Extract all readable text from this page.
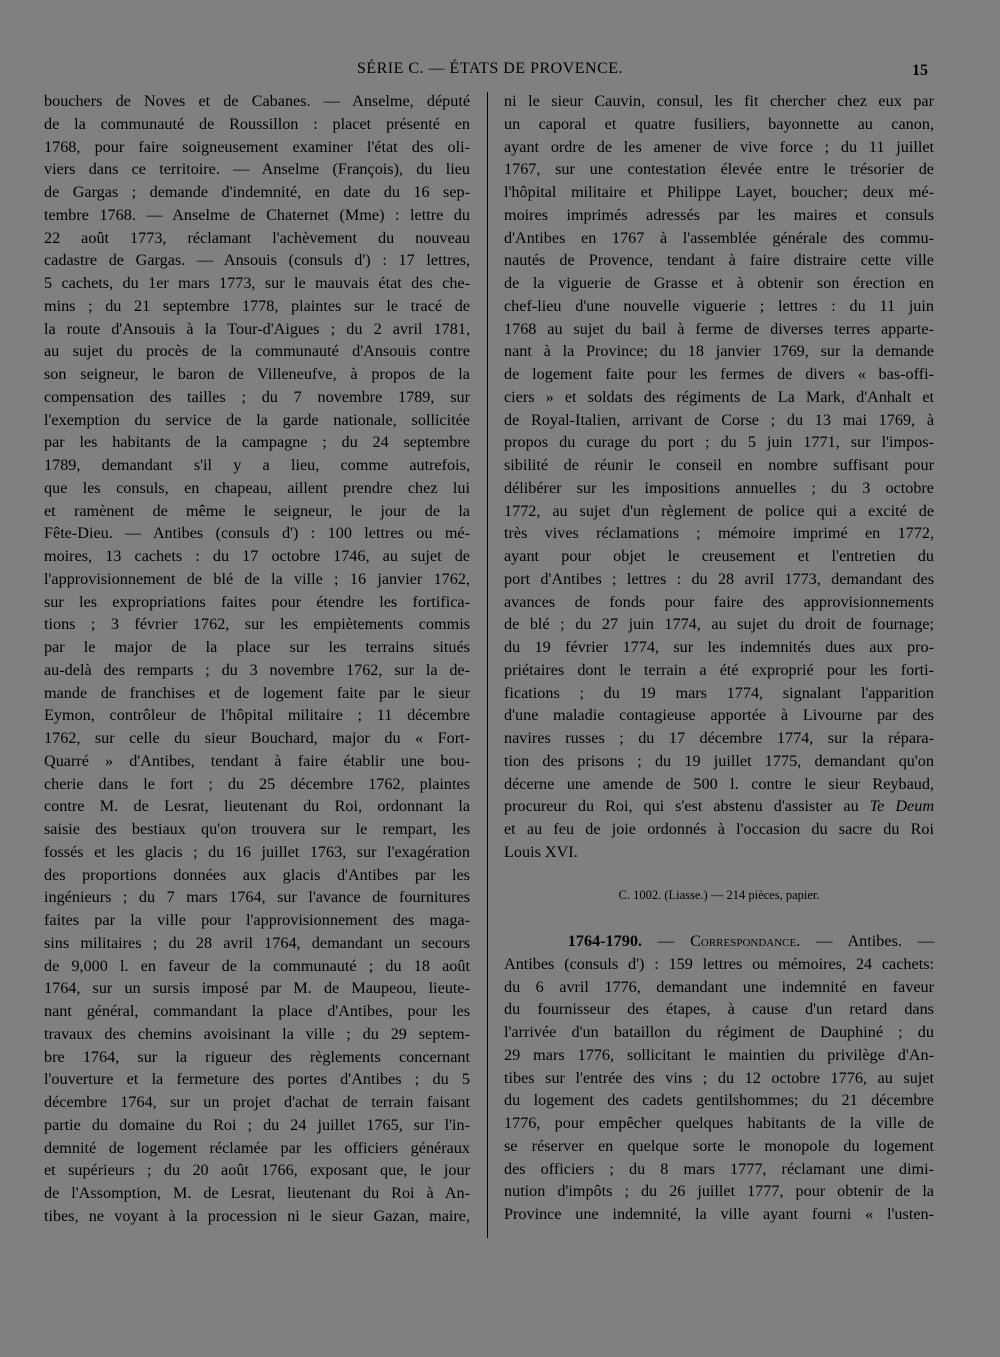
SÉRIE C. — ÉTATS DE PROVENCE.	15
bouchers de Noves et de Cabanes. — Anselme, député
de la communauté de Roussillon : placet présenté en
1768, pour faire soigneusement examiner l'état des oli-
viers dans ce territoire. — Anselme (François), du lieu
de Gargas ; demande d'indemnité, en date du 16 sep-
tembre 1768. — Anselme de Chaternet (Mme) : lettre du
22 août 1773, réclamant l'achèvement du nouveau
cadastre de Gargas. — Ansouis (consuls d') : 17 lettres,
5 cachets, du 1er mars 1773, sur le mauvais état des che-
mins ; du 21 septembre 1778, plaintes sur le tracé de
la route d'Ansouis à la Tour-d'Aigues ; du 2 avril 1781,
au sujet du procès de la communauté d'Ansouis contre
son seigneur, le baron de Villeneufve, à propos de la
compensation des tailles ; du 7 novembre 1789, sur
l'exemption du service de la garde nationale, sollicitée
par les habitants de la campagne ; du 24 septembre
1789, demandant s'il y a lieu, comme autrefois,
que les consuls, en chapeau, aillent prendre chez lui
et ramènent de même le seigneur, le jour de la
Fête-Dieu. — Antibes (consuls d') : 100 lettres ou mé-
moires, 13 cachets : du 17 octobre 1746, au sujet de
l'approvisionnement de blé de la ville ; 16 janvier 1762,
sur les expropriations faites pour étendre les fortifica-
tions ; 3 février 1762, sur les empiètements commis
par le major de la place sur les terrains situés
au-delà des remparts ; du 3 novembre 1762, sur la de-
mande de franchises et de logement faite par le sieur
Eymon, contrôleur de l'hôpital militaire ; 11 décembre
1762, sur celle du sieur Bouchard, major du « Fort-
Quarré » d'Antibes, tendant à faire établir une bou-
cherie dans le fort ; du 25 décembre 1762, plaintes
contre M. de Lesrat, lieutenant du Roi, ordonnant la
saisie des bestiaux qu'on trouvera sur le rempart, les
fossés et les glacis ; du 16 juillet 1763, sur l'exagération
des proportions données aux glacis d'Antibes par les
ingénieurs ; du 7 mars 1764, sur l'avance de fournitures
faites par la ville pour l'approvisionnement des maga-
sins militaires ; du 28 avril 1764, demandant un secours
de 9,000 l. en faveur de la communauté ; du 18 août
1764, sur un sursis imposé par M. de Maupeou, lieute-
nant général, commandant la place d'Antibes, pour les
travaux des chemins avoisinant la ville ; du 29 septem-
bre 1764, sur la rigueur des règlements concernant
l'ouverture et la fermeture des portes d'Antibes ; du 5
décembre 1764, sur un projet d'achat de terrain faisant
partie du domaine du Roi ; du 24 juillet 1765, sur l'in-
demnité de logement réclamée par les officiers généraux
et supérieurs ; du 20 août 1766, exposant que, le jour
de l'Assomption, M. de Lesrat, lieutenant du Roi à An-
tibes, ne voyant à la procession ni le sieur Gazan, maire,
ni le sieur Cauvin, consul, les fit chercher chez eux par
un caporal et quatre fusiliers, bayonnette au canon,
ayant ordre de les amener de vive force ; du 11 juillet
1767, sur une contestation élevée entre le trésorier de
l'hôpital militaire et Philippe Layet, boucher; deux mé-
moires imprimés adressés par les maires et consuls
d'Antibes en 1767 à l'assemblée générale des commu-
nautés de Provence, tendant à faire distraire cette ville
de la viguerie de Grasse et à obtenir son érection en
chef-lieu d'une nouvelle viguerie ; lettres : du 11 juin
1768 au sujet du bail à ferme de diverses terres apparte-
nant à la Province; du 18 janvier 1769, sur la demande
de logement faite pour les fermes de divers « bas-offi-
ciers » et soldats des régiments de La Mark, d'Anhalt et
de Royal-Italien, arrivant de Corse ; du 13 mai 1769, à
propos du curage du port ; du 5 juin 1771, sur l'impos-
sibilité de réunir le conseil en nombre suffisant pour
délibérer sur les impositions annuelles ; du 3 octobre
1772, au sujet d'un règlement de police qui a excité de
très vives réclamations ; mémoire imprimé en 1772,
ayant pour objet le creusement et l'entretien du
port d'Antibes ; lettres : du 28 avril 1773, demandant des
avances de fonds pour faire des approvisionnements
de blé ; du 27 juin 1774, au sujet du droit de fournage;
du 19 février 1774, sur les indemnités dues aux pro-
priétaires dont le terrain a été exproprié pour les forti-
fications ; du 19 mars 1774, signalant l'apparition
d'une maladie contagieuse apportée à Livourne par des
navires russes ; du 17 décembre 1774, sur la répara-
tion des prisons ; du 19 juillet 1775, demandant qu'on
décerne une amende de 500 l. contre le sieur Reybaud,
procureur du Roi, qui s'est abstenu d'assister au Te Deum
et au feu de joie ordonnés à l'occasion du sacre du Roi
Louis XVI.
C. 1002. (Liasse.) — 214 pièces, papier.
1764-1790. — Correspondance. — Antibes. —
Antibes (consuls d') : 159 lettres ou mémoires, 24 cachets:
du 6 avril 1776, demandant une indemnité en faveur
du fournisseur des étapes, à cause d'un retard dans
l'arrivée d'un bataillon du régiment de Dauphiné ; du
29 mars 1776, sollicitant le maintien du privilège d'An-
tibes sur l'entrée des vins ; du 12 octobre 1776, au sujet
du logement des cadets gentilshommes; du 21 décembre
1776, pour empêcher quelques habitants de la ville de
se réserver en quelque sorte le monopole du logement
des officiers ; du 8 mars 1777, réclamant une dimi-
nution d'impôts ; du 26 juillet 1777, pour obtenir de la
Province une indemnité, la ville ayant fourni « l'usten-
